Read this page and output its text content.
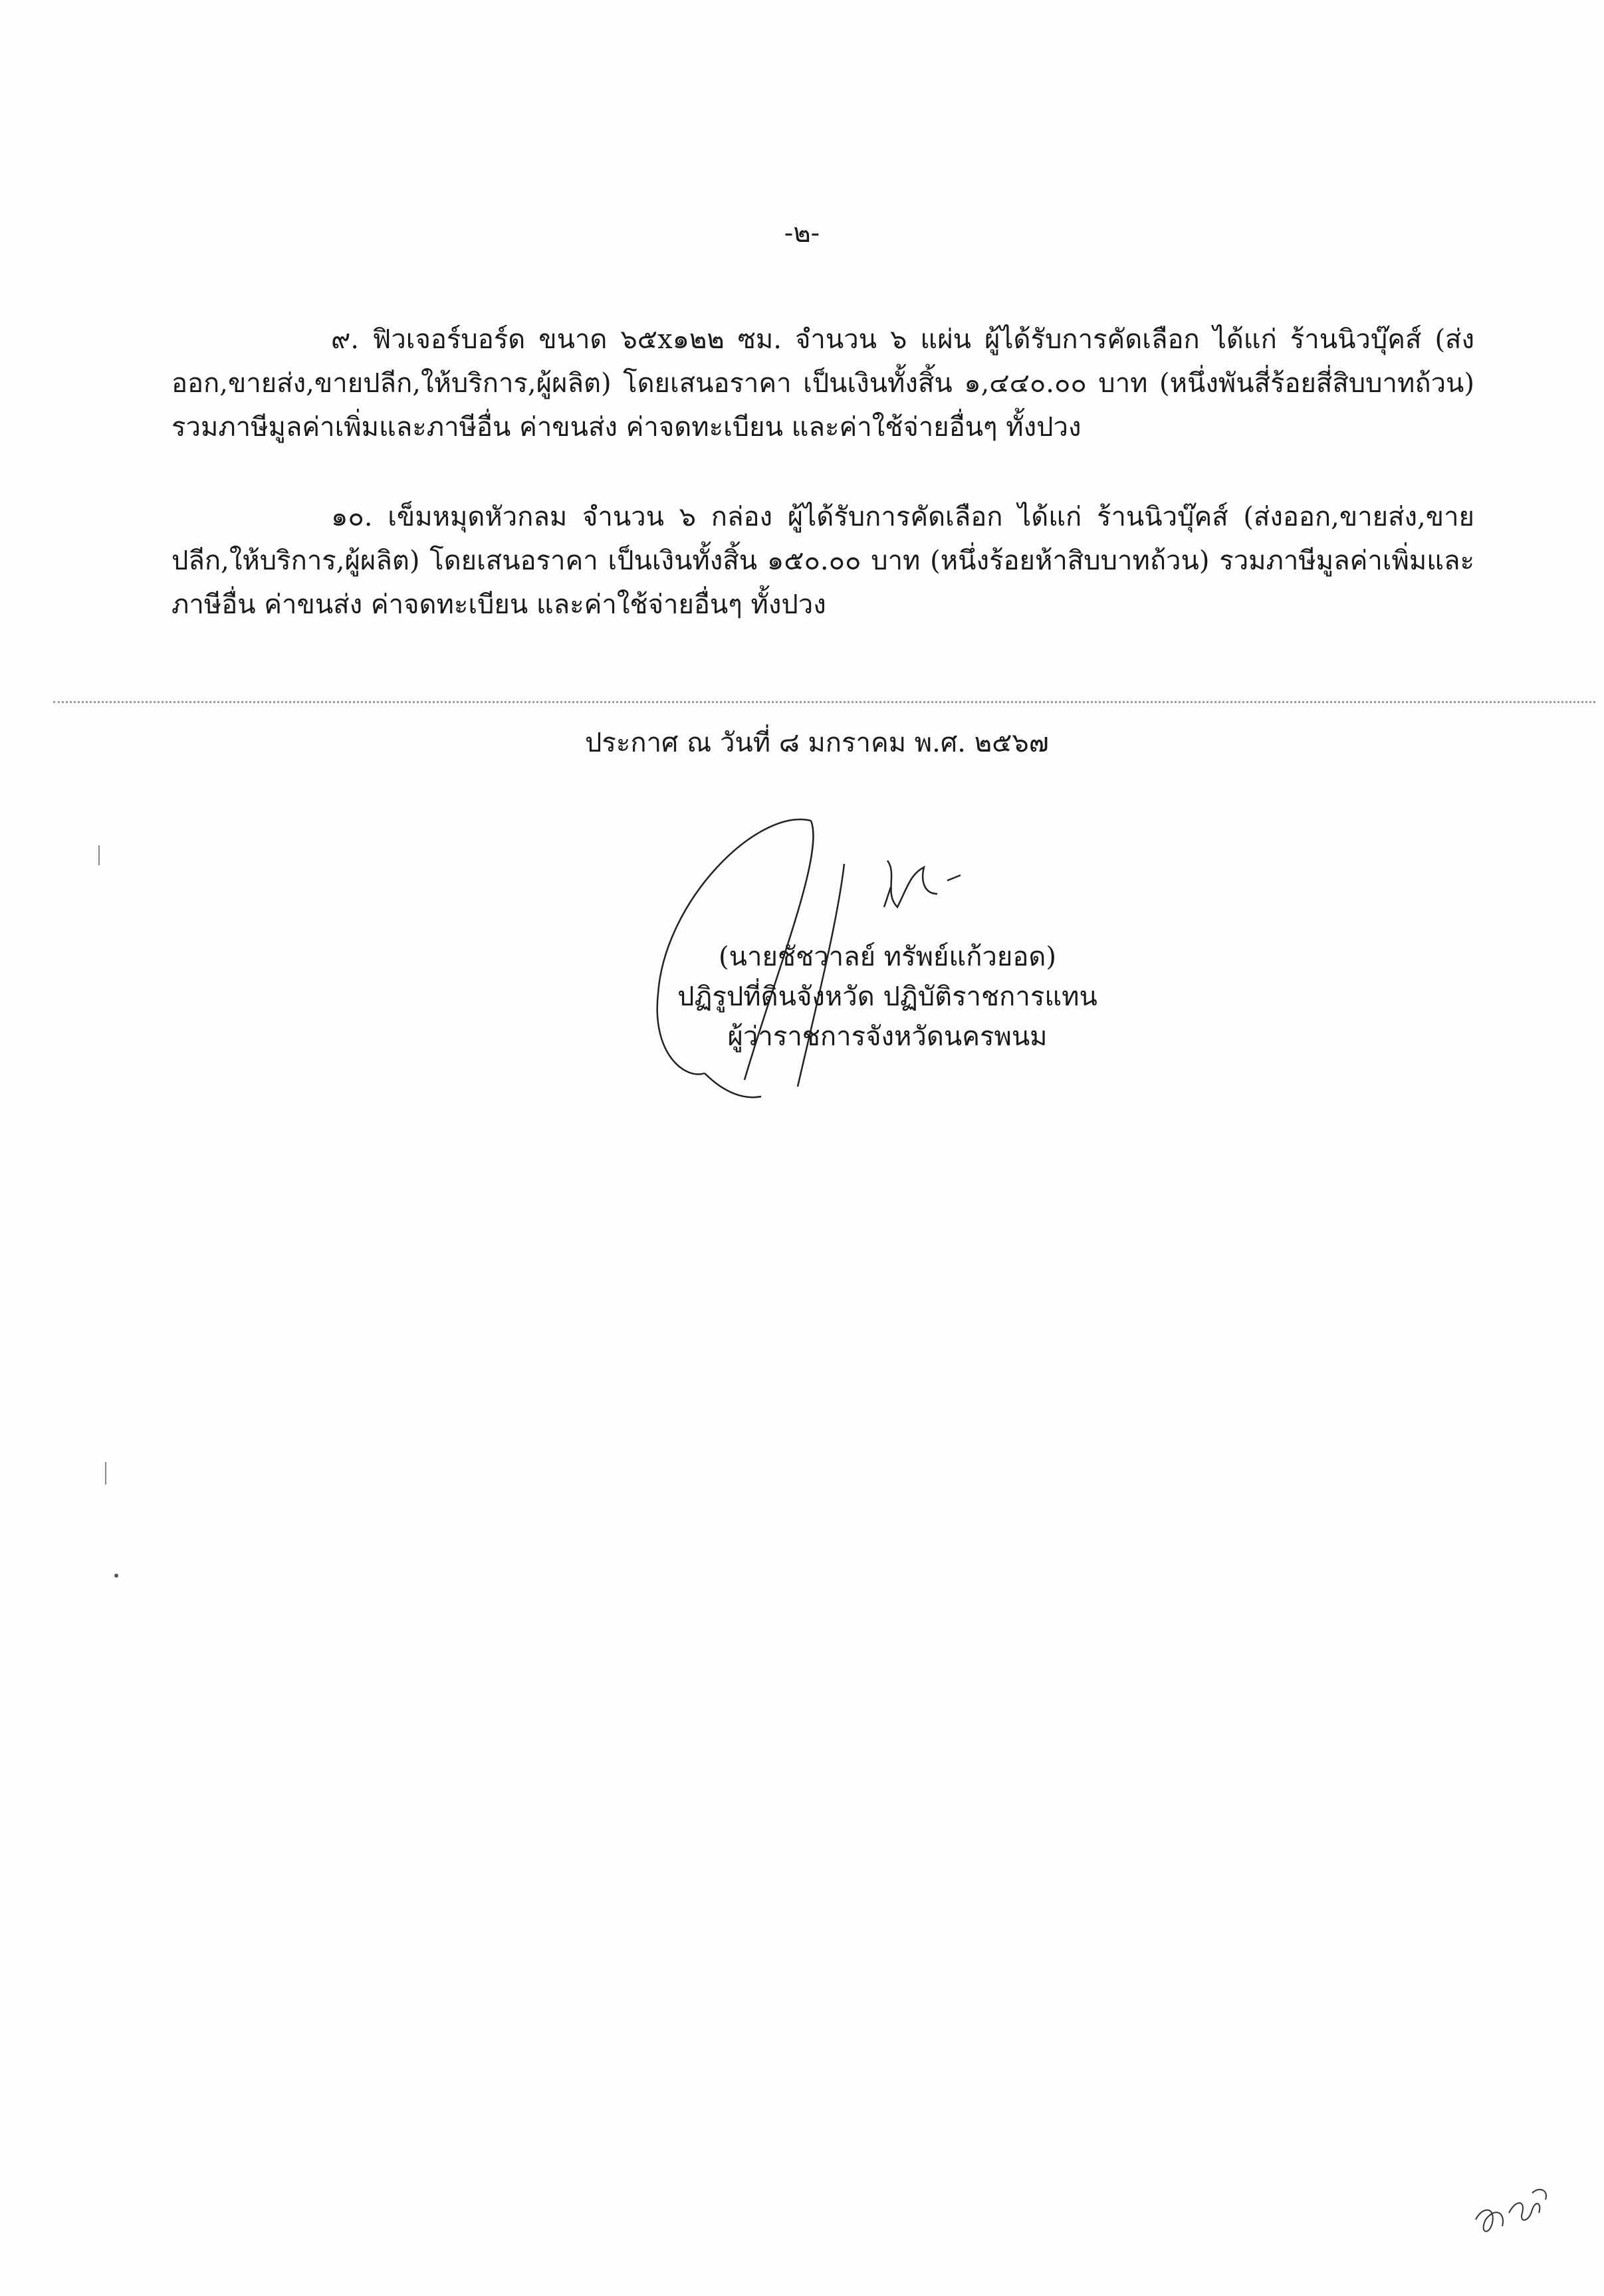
-๒-

๙. ฟิวเจอร์บอร์ด ขนาด ๖๕x๑๒๒ ซม. จำนวน ๖ แผ่น ผู้ได้รับการคัดเลือก ได้แก่ ร้านนิวบุ๊คส์ (ส่งออก,ขายส่ง,ขายปลีก,ให้บริการ,ผู้ผลิต) โดยเสนอราคา เป็นเงินทั้งสิ้น ๑,๔๔๐.๐๐ บาท (หนึ่งพันสี่ร้อยสี่สิบบาทถ้วน) รวมภาษีมูลค่าเพิ่มและภาษีอื่น ค่าขนส่ง ค่าจดทะเบียน และค่าใช้จ่ายอื่นๆ ทั้งปวง

๑๐. เข็มหมุดหัวกลม จำนวน ๖ กล่อง ผู้ได้รับการคัดเลือก ได้แก่ ร้านนิวบุ๊คส์ (ส่งออก,ขายส่ง,ขายปลีก,ให้บริการ,ผู้ผลิต) โดยเสนอราคา เป็นเงินทั้งสิ้น ๑๕๐.๐๐ บาท (หนึ่งร้อยห้าสิบบาทถ้วน) รวมภาษีมูลค่าเพิ่มและภาษีอื่น ค่าขนส่ง ค่าจดทะเบียน และค่าใช้จ่ายอื่นๆ ทั้งปวง

ประกาศ ณ วันที่ ๘ มกราคม พ.ศ. ๒๕๖๗
(นายชัชวาลย์ ทรัพย์แก้วยอด)
ปฏิรูปที่ดินจังหวัด ปฏิบัติราชการแทน
ผู้ว่าราชการจังหวัดนครพนม
